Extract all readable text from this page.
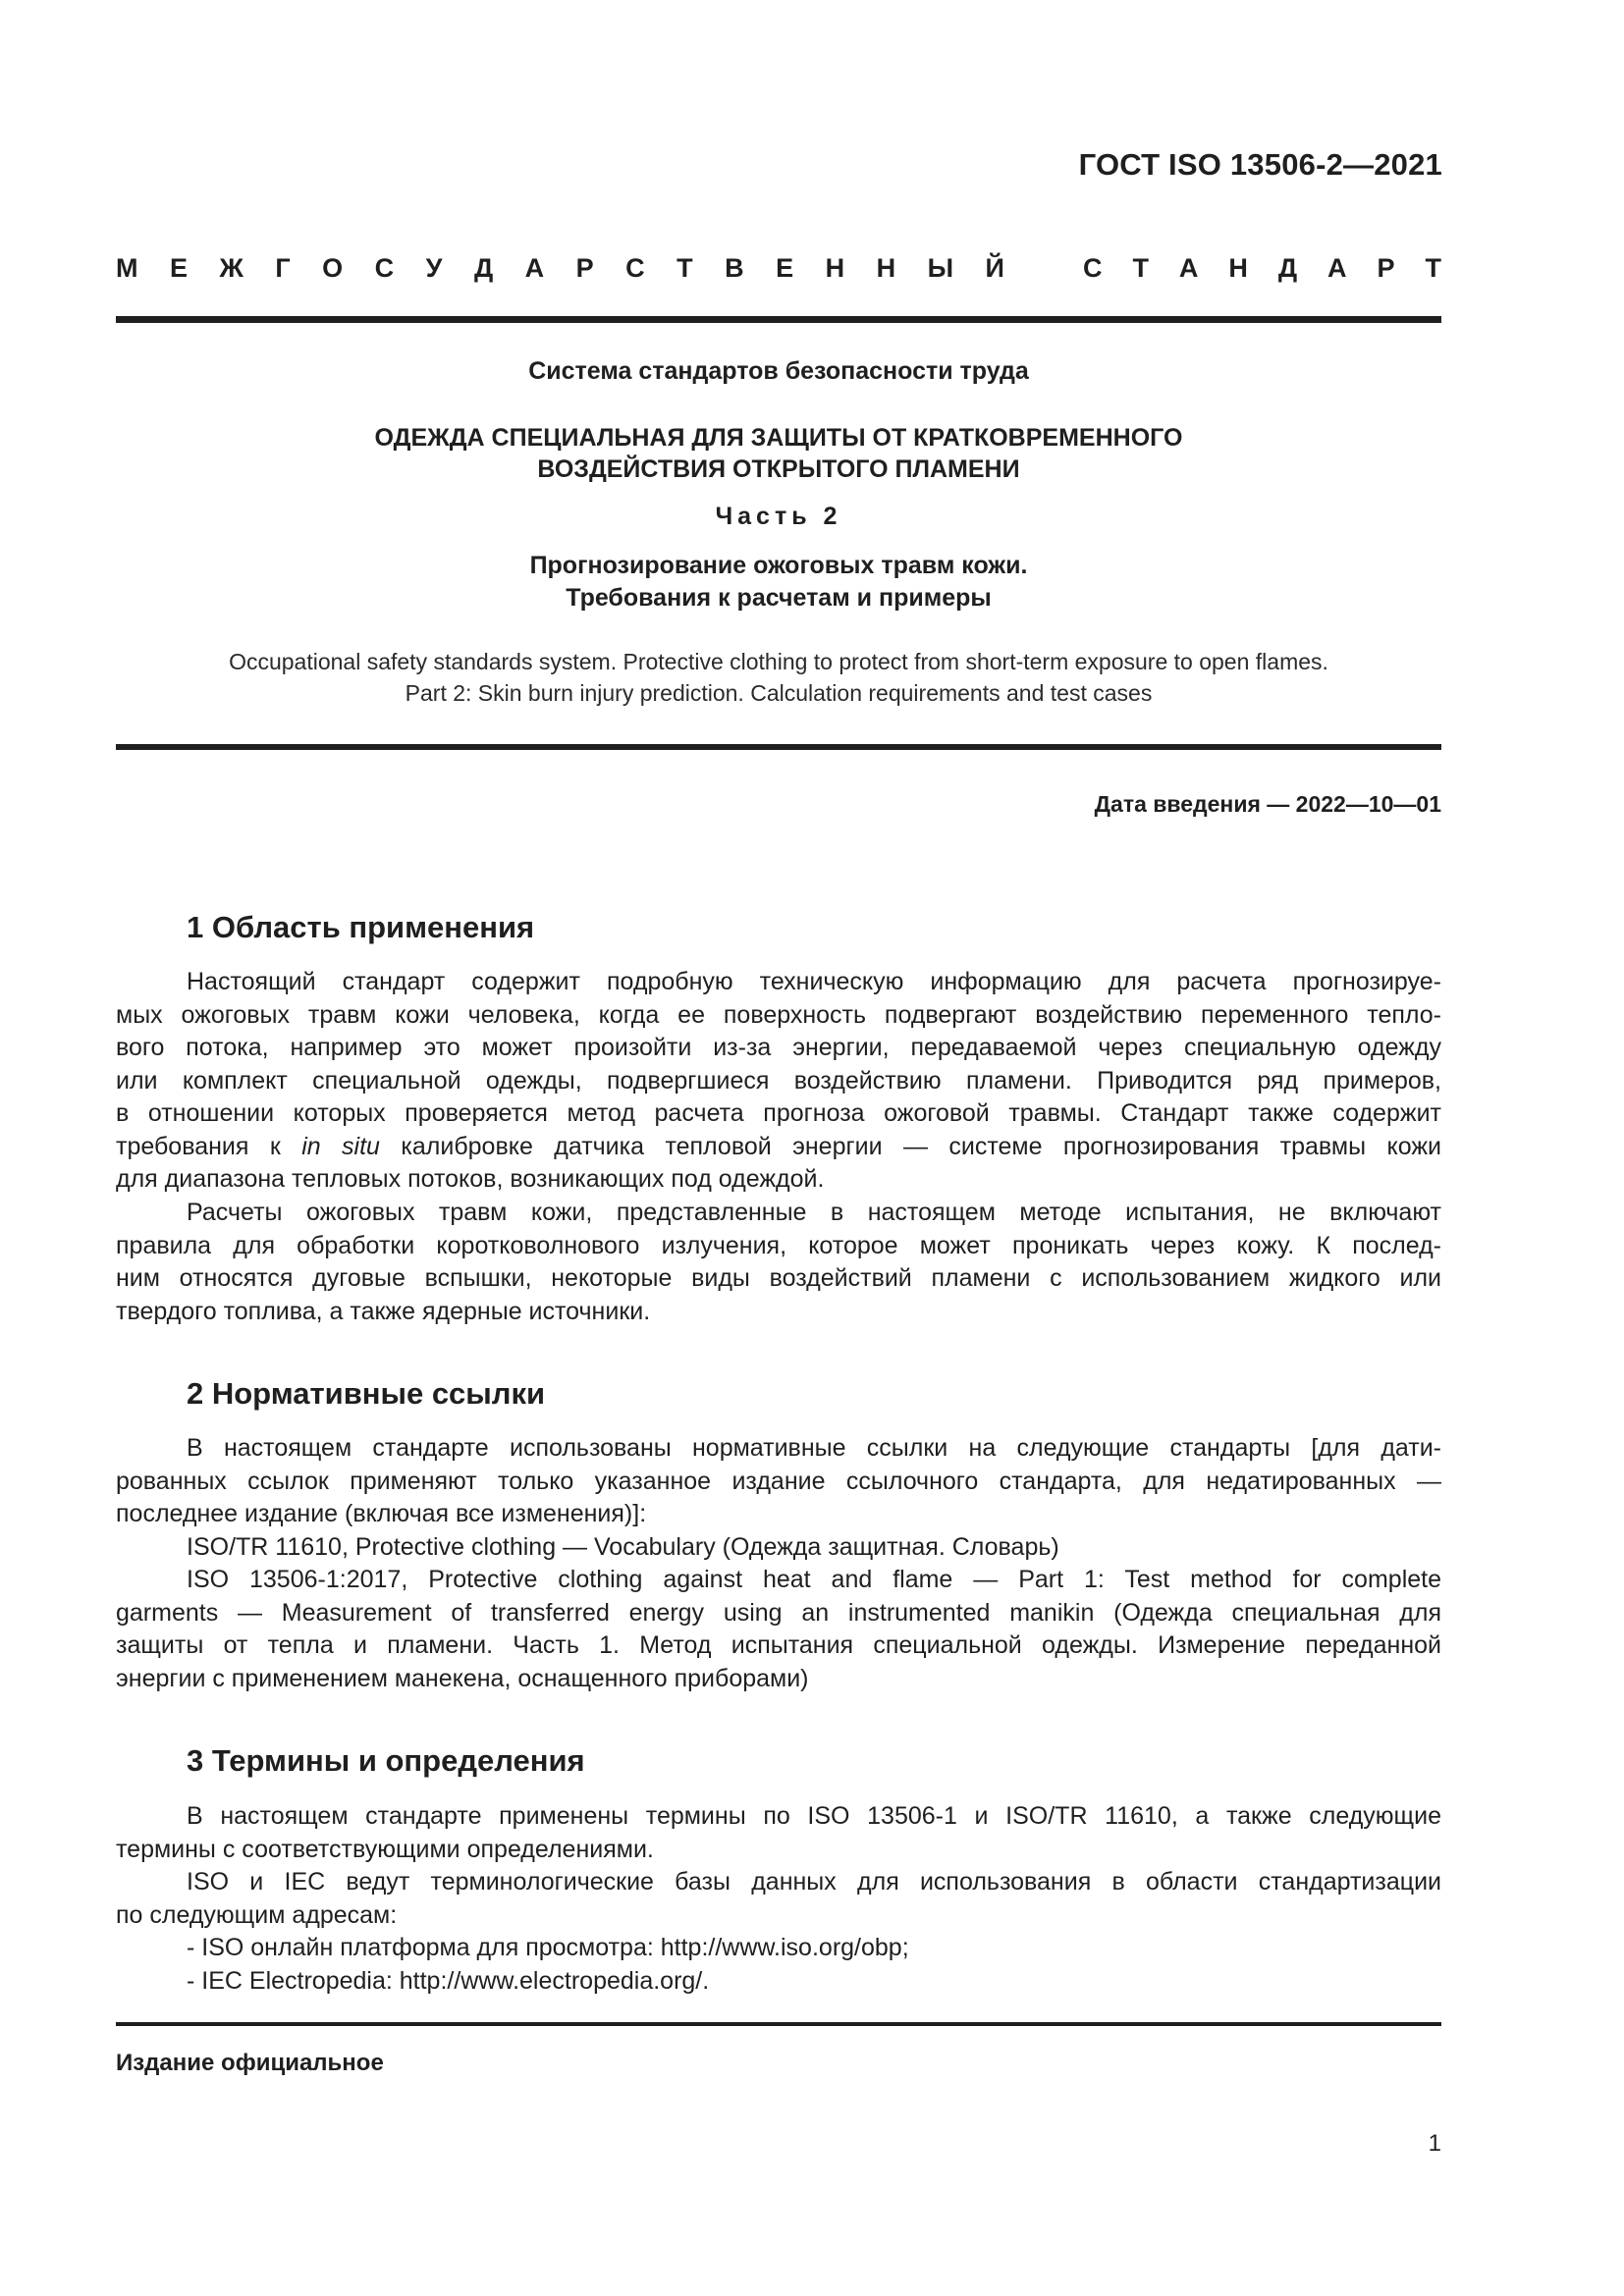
ГОСТ ISO 13506-2—2021
М Е Ж Г О С У Д А Р С Т В Е Н Н Ы Й	С Т А Н Д А Р Т
Система стандартов безопасности труда
ОДЕЖДА СПЕЦИАЛЬНАЯ ДЛЯ ЗАЩИТЫ ОТ КРАТКОВРЕМЕННОГО
ВОЗДЕЙСТВИЯ ОТКРЫТОГО ПЛАМЕНИ
Часть 2
Прогнозирование ожоговых травм кожи.
Требования к расчетам и примеры
Occupational safety standards system. Protective clothing to protect from short-term exposure to open flames.
Part 2: Skin burn injury prediction. Calculation requirements and test cases
Дата введения — 2022—10—01
1 Область применения
Настоящий стандарт содержит подробную техническую информацию для расчета прогнозируе-
мых ожоговых травм кожи человека, когда ее поверхность подвергают воздействию переменного тепло-
вого потока, например это может произойти из-за энергии, передаваемой через специальную одежду
или комплект специальной одежды, подвергшиеся воздействию пламени. Приводится ряд примеров,
в отношении которых проверяется метод расчета прогноза ожоговой травмы. Стандарт также содержит
требования к in situ калибровке датчика тепловой энергии — системе прогнозирования травмы кожи
для диапазона тепловых потоков, возникающих под одеждой.
Расчеты ожоговых травм кожи, представленные в настоящем методе испытания, не включают
правила для обработки коротковолнового излучения, которое может проникать через кожу. К послед-
ним относятся дуговые вспышки, некоторые виды воздействий пламени с использованием жидкого или
твердого топлива, а также ядерные источники.
2 Нормативные ссылки
В настоящем стандарте использованы нормативные ссылки на следующие стандарты [для дати-
рованных ссылок применяют только указанное издание ссылочного стандарта, для недатированных —
последнее издание (включая все изменения)]:
ISO/TR 11610, Protective clothing — Vocabulary (Одежда защитная. Словарь)
ISO 13506-1:2017, Protective clothing against heat and flame — Part 1: Test method for complete
garments — Measurement of transferred energy using an instrumented manikin (Одежда специальная для
защиты от тепла и пламени. Часть 1. Метод испытания специальной одежды. Измерение переданной
энергии с применением манекена, оснащенного приборами)
3 Термины и определения
В настоящем стандарте применены термины по ISO 13506-1 и ISO/TR 11610, а также следующие
термины с соответствующими определениями.
ISO и IEC ведут терминологические базы данных для использования в области стандартизации
по следующим адресам:
- ISO онлайн платформа для просмотра: http://www.iso.org/obp;
- IEC Electropedia: http://www.electropedia.org/.
Издание официальное
1
